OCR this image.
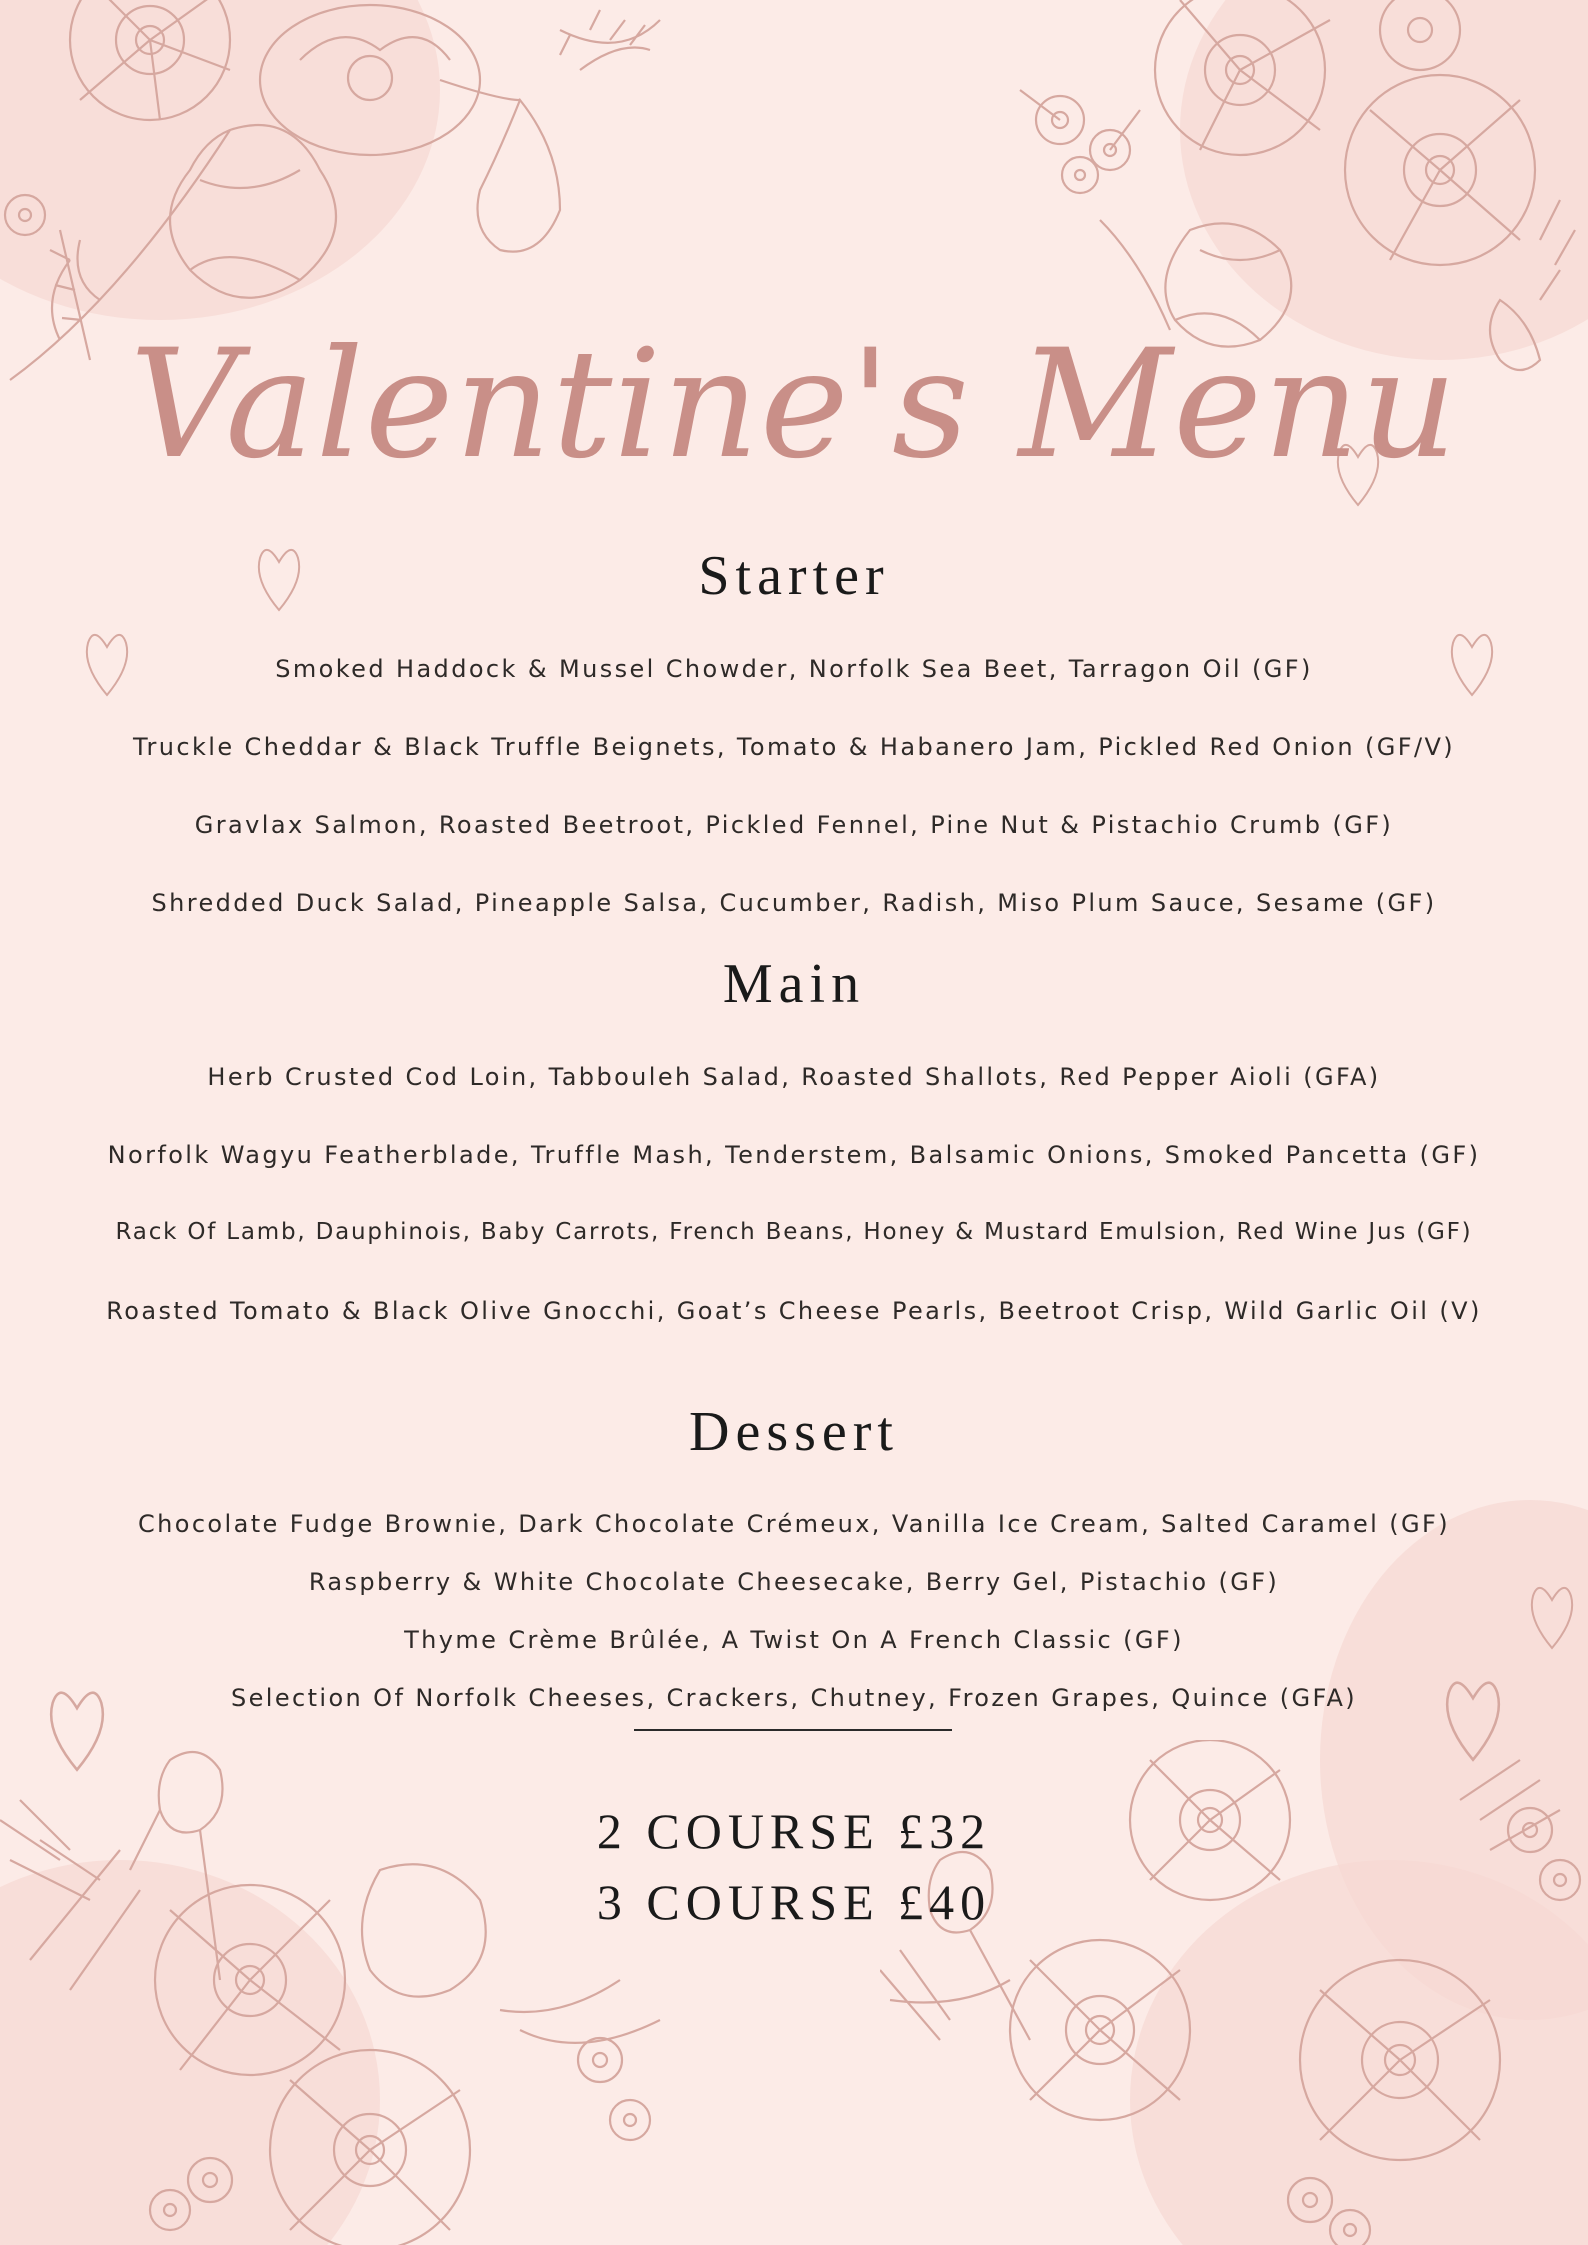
Valentine's Menu
Starter
Smoked Haddock & Mussel Chowder, Norfolk Sea Beet, Tarragon Oil (GF)
Truckle Cheddar & Black Truffle Beignets, Tomato & Habanero Jam, Pickled Red Onion (GF/V)
Gravlax Salmon, Roasted Beetroot, Pickled Fennel, Pine Nut & Pistachio Crumb (GF)
Shredded Duck Salad, Pineapple Salsa, Cucumber, Radish, Miso Plum Sauce, Sesame (GF)
Main
Herb Crusted Cod Loin, Tabbouleh Salad, Roasted Shallots, Red Pepper Aioli (GFA)
Norfolk Wagyu Featherblade, Truffle Mash, Tenderstem, Balsamic Onions, Smoked Pancetta (GF)
Rack Of Lamb, Dauphinois, Baby Carrots, French Beans, Honey & Mustard Emulsion, Red Wine Jus (GF)
Roasted Tomato & Black Olive Gnocchi, Goat’s Cheese Pearls, Beetroot Crisp, Wild Garlic Oil (V)
Dessert
Chocolate Fudge Brownie, Dark Chocolate Crémeux, Vanilla Ice Cream, Salted Caramel (GF)
Raspberry & White Chocolate Cheesecake, Berry Gel, Pistachio (GF)
Thyme Crème Brûlée, A Twist On A French Classic (GF)
Selection Of Norfolk Cheeses, Crackers, Chutney, Frozen Grapes, Quince (GFA)
2 COURSE £32
3 COURSE £40
